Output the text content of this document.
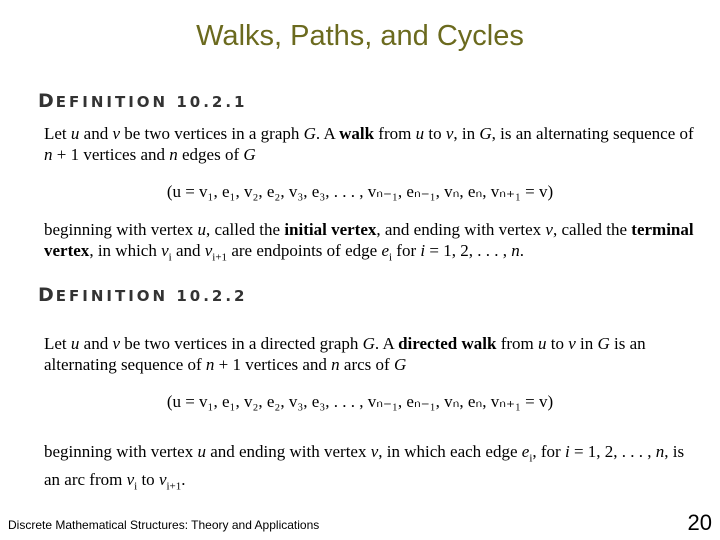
Walks, Paths, and Cycles
DEFINITION 10.2.1
Let u and v be two vertices in a graph G. A walk from u to v, in G, is an alternating sequence of n + 1 vertices and n edges of G
(u = v₁, e₁, v₂, e₂, v₃, e₃, . . . , vₙ₋₁, eₙ₋₁, vₙ, eₙ, vₙ₊₁ = v)
beginning with vertex u, called the initial vertex, and ending with vertex v, called the terminal vertex, in which $v_i$ and $v_{i+1}$ are endpoints of edge $e_i$ for i = 1, 2, . . . , n.
DEFINITION 10.2.2
Let u and v be two vertices in a directed graph G. A directed walk from u to v in G is an alternating sequence of n + 1 vertices and n arcs of G
(u = v₁, e₁, v₂, e₂, v₃, e₃, . . . , vₙ₋₁, eₙ₋₁, vₙ, eₙ, vₙ₊₁ = v)
beginning with vertex u and ending with vertex v, in which each edge $e_i$, for i = 1, 2, . . . , n, is an arc from $v_i$ to $v_{i+1}$.
Discrete Mathematical Structures: Theory and Applications	20
